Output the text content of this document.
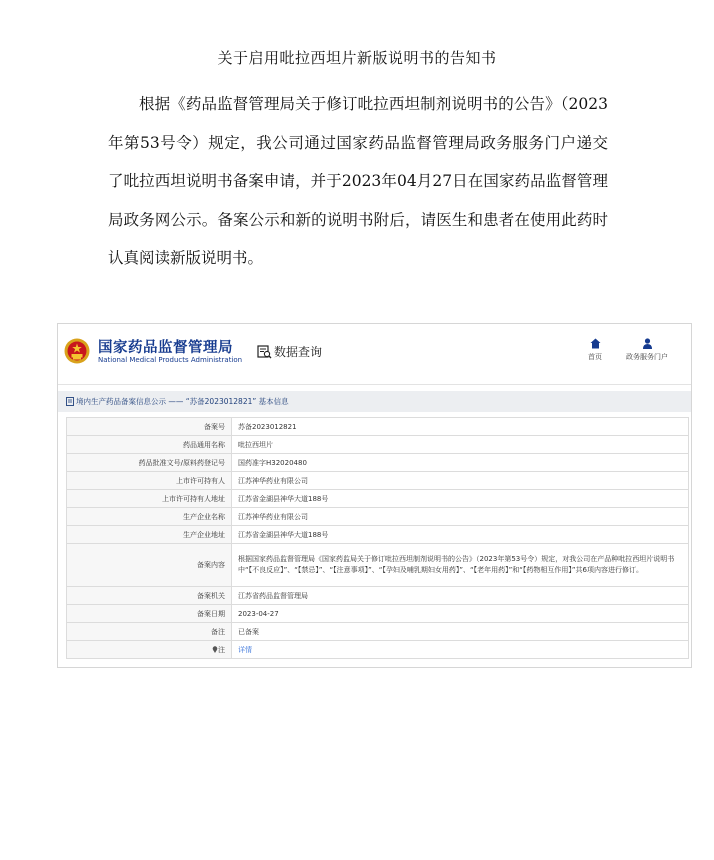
关于启用吡拉西坦片新版说明书的告知书

根据《药品监督管理局关于修订吡拉西坦制剂说明书的公告》（2023年第53号令）规定，我公司通过国家药品监督管理局政务服务门户递交了吡拉西坦说明书备案申请，并于2023年04月27日在国家药品监督管理局政务网公示。备案公示和新的说明书附后，请医生和患者在使用此药时认真阅读新版说明书。

国家药品监督管理局
National Medical Products Administration
数据查询	首页	政务服务门户
境内生产药品备案信息公示 —— “苏备2023012821” 基本信息
备案号	苏备2023012821
药品通用名称	吡拉西坦片
药品批准文号/原料药登记号	国药准字H32020480
上市许可持有人	江苏神华药业有限公司
上市许可持有人地址	江苏省金湖县神华大道188号
生产企业名称	江苏神华药业有限公司
生产企业地址	江苏省金湖县神华大道188号
备案内容	根据国家药品监督管理局《国家药监局关于修订吡拉西坦制剂说明书的公告》（2023年第53号令）规定，对我公司在产品种吡拉西坦片说明书中“【不良反应】”、“【禁忌】”、“【注意事项】”、“【孕妇及哺乳期妇女用药】”、“【老年用药】”和“【药物相互作用】”共6项内容进行修订。
备案机关	江苏省药品监督管理局
备案日期	2023-04-27
备注	已备案
注	详情
